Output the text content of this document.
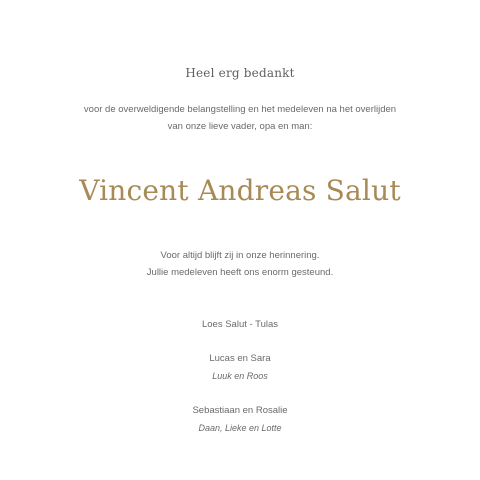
Heel erg bedankt
voor de overweldigende belangstelling en het medeleven na het overlijden
van onze lieve vader, opa en man:
Vincent Andreas Salut
Voor altijd blijft zij in onze herinnering.
Jullie medeleven heeft ons enorm gesteund.
Loes Salut - Tulas
Lucas en Sara
Luuk en Roos
Sebastiaan en Rosalie
Daan, Lieke en Lotte
